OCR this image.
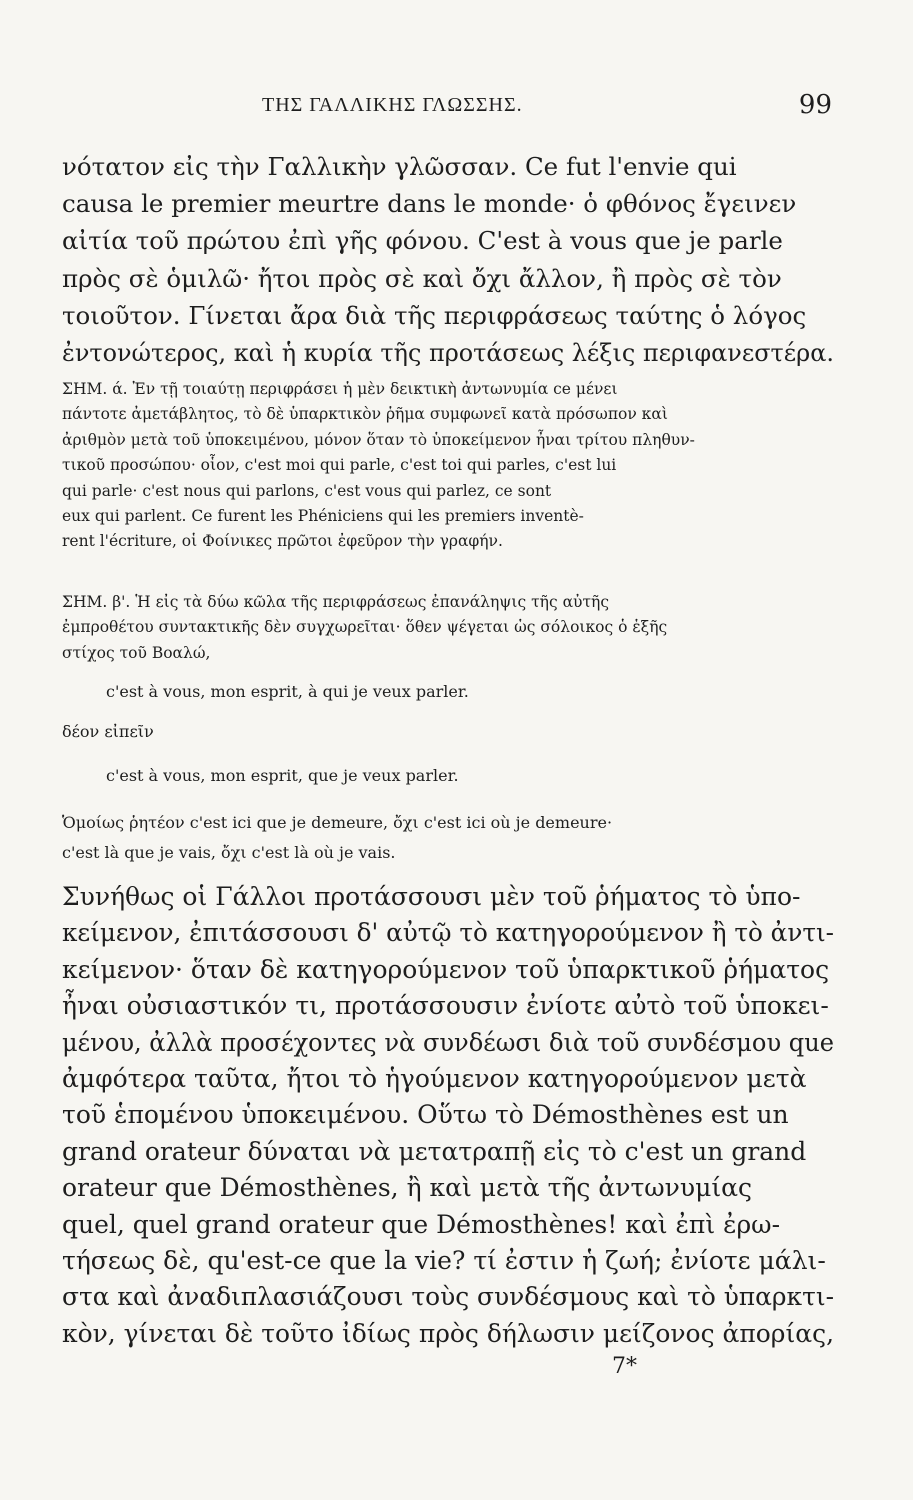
ΤΗΣ ΓΑΛΛΙΚΗΣ ΓΛΩΣΣΗΣ.	99
νότατον εἰς τὴν Γαλλικὴν γλῶσσαν. Ce fut l'envie qui
causa le premier meurtre dans le monde· ὁ φθόνος ἔγεινεν
αἰτία τοῦ πρώτου ἐπὶ γῆς φόνου. C'est à vous que je parle
πρὸς σὲ ὁμιλῶ· ἤτοι πρὸς σὲ καὶ ὄχι ἄλλον, ἢ πρὸς σὲ τὸν
τοιοῦτον. Γίνεται ἄρα διὰ τῆς περιφράσεως ταύτης ὁ λόγος
ἐντονώτερος, καὶ ἡ κυρία τῆς προτάσεως λέξις περιφανεστέρα.
ΣΗΜ. ά. Ἐν τῇ τοιαύτῃ περιφράσει ἡ μὲν δεικτικὴ ἀντωνυμία ce μένει
πάντοτε ἀμετάβλητος, τὸ δὲ ὑπαρκτικὸν ῥῆμα συμφωνεῖ κατὰ πρόσωπον καὶ
ἀριθμὸν μετὰ τοῦ ὑποκειμένου, μόνον ὅταν τὸ ὑποκείμενον ἦναι τρίτου πληθυν-
τικοῦ προσώπου· οἷον, c'est moi qui parle, c'est toi qui parles, c'est lui
qui parle· c'est nous qui parlons, c'est vous qui parlez, ce sont
eux qui parlent. Ce furent les Phéniciens qui les premiers inventè-
rent l'écriture, οἱ Φοίνικες πρῶτοι ἐφεῦρον τὴν γραφήν.
ΣΗΜ. β'. Ἡ εἰς τὰ δύω κῶλα τῆς περιφράσεως ἐπανάληψις τῆς αὐτῆς
ἐμπροθέτου συντακτικῆς δὲν συγχωρεῖται· ὅθεν ψέγεται ὡς σόλοικος ὁ ἑξῆς
στίχος τοῦ Βοαλώ,
c'est à vous, mon esprit, à qui je veux parler.
δέον εἰπεῖν
c'est à vous, mon esprit, que je veux parler.
Ὁμοίως ῥητέον c'est ici que je demeure, ὄχι c'est ici où je demeure·
c'est là que je vais, ὄχι c'est là où je vais.
Συνήθως οἱ Γάλλοι προτάσσουσι μὲν τοῦ ῥήματος τὸ ὑπο-
κείμενον, ἐπιτάσσουσι δ' αὐτῷ τὸ κατηγορούμενον ἢ τὸ ἀντι-
κείμενον· ὅταν δὲ κατηγορούμενον τοῦ ὑπαρκτικοῦ ῥήματος
ἦναι οὐσιαστικόν τι, προτάσσουσιν ἐνίοτε αὐτὸ τοῦ ὑποκει-
μένου, ἀλλὰ προσέχοντες νὰ συνδέωσι διὰ τοῦ συνδέσμου que
ἀμφότερα ταῦτα, ἤτοι τὸ ἡγούμενον κατηγορούμενον μετὰ
τοῦ ἑπομένου ὑποκειμένου. Οὕτω τὸ Démosthènes est un
grand orateur δύναται νὰ μετατραπῇ εἰς τὸ c'est un grand
orateur que Démosthènes, ἢ καὶ μετὰ τῆς ἀντωνυμίας
quel, quel grand orateur que Démosthènes! καὶ ἐπὶ ἐρω-
τήσεως δὲ, qu'est-ce que la vie? τί ἐστιν ἡ ζωή; ἐνίοτε μάλι-
στα καὶ ἀναδιπλασιάζουσι τοὺς συνδέσμους καὶ τὸ ὑπαρκτι-
κὸν, γίνεται δὲ τοῦτο ἰδίως πρὸς δήλωσιν μείζονος ἀπορίας,
7*
